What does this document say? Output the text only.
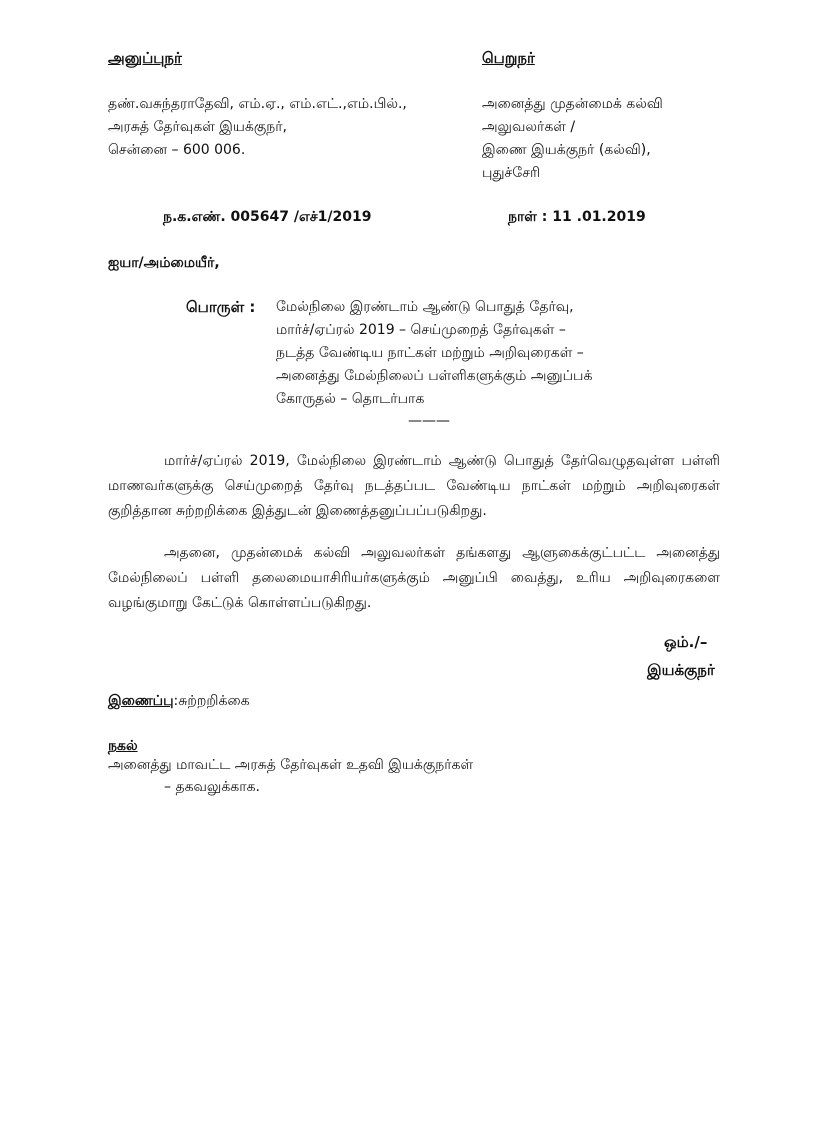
அனுப்புநர்
தண்.வசுந்தராதேவி, எம்.ஏ., எம்.எட்.,எம்.பில்.,
அரசுத் தேர்வுகள் இயக்குநர்,
சென்னை – 600 006.
பெறுநர்
அனைத்து முதன்மைக் கல்வி
அலுவலர்கள் /
இணை இயக்குநர் (கல்வி),
புதுச்சேரி
ந.க.எண். 005647 /எச்1/2019	நாள் : 11 .01.2019
ஐயா/அம்மையீர்,
பொருள் : மேல்நிலை இரண்டாம் ஆண்டு பொதுத் தேர்வு,
மார்ச்/ஏப்ரல் 2019 – செய்முறைத் தேர்வுகள் –
நடத்த வேண்டிய நாட்கள் மற்றும் அறிவுரைகள் –
அனைத்து மேல்நிலைப் பள்ளிகளுக்கும் அனுப்பக்
கோருதல் – தொடர்பாக
———
மார்ச்/ஏப்ரல் 2019, மேல்நிலை இரண்டாம் ஆண்டு பொதுத் தேர்வெழுதவுள்ள பள்ளி மாணவர்களுக்கு செய்முறைத் தேர்வு நடத்தப்பட வேண்டிய நாட்கள் மற்றும் அறிவுரைகள் குறித்தான சுற்றறிக்கை இத்துடன் இணைத்தனுப்பப்படுகிறது.
அதனை, முதன்மைக் கல்வி அலுவலர்கள் தங்களது ஆளுகைக்குட்பட்ட அனைத்து மேல்நிலைப் பள்ளி தலைமையாசிரியர்களுக்கும் அனுப்பி வைத்து, உரிய அறிவுரைகளை வழங்குமாறு கேட்டுக் கொள்ளப்படுகிறது.
ஒம்./–
இயக்குநர்
இணைப்பு:சுற்றறிக்கை
நகல்
அனைத்து மாவட்ட அரசுத் தேர்வுகள் உதவி இயக்குநர்கள்
– தகவலுக்காக.
